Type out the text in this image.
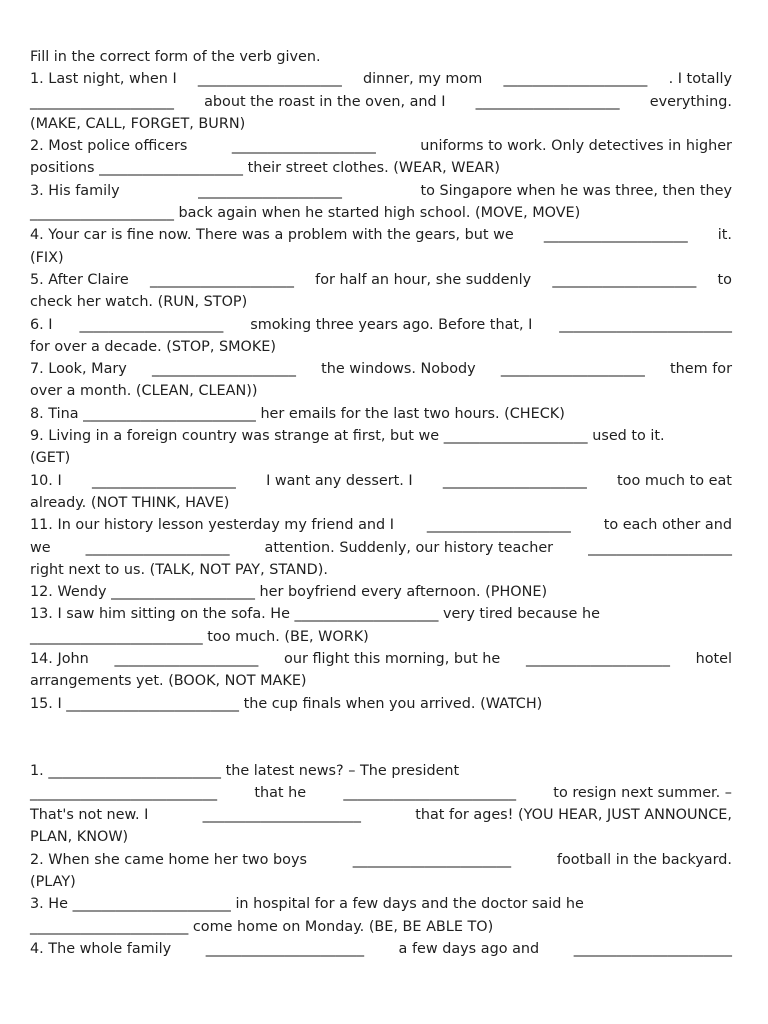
Fill in the correct form of the verb given.
1. Last night, when I ____________________ dinner, my mom ____________________ . I totally
____________________ about the roast in the oven, and I ____________________ everything.
(MAKE, CALL, FORGET, BURN)
2. Most police officers	____________________	uniforms to work. Only detectives in higher
positions ____________________ their street clothes. (WEAR, WEAR)
3. His family	____________________	to Singapore when he was three, then they
____________________ back again when he started high school. (MOVE, MOVE)
4. Your car is fine now. There was a problem with the gears, but we ____________________ it.
(FIX)
5. After Claire ____________________ for half an hour, she suddenly ____________________ to
check her watch. (RUN, STOP)
6. I ____________________ smoking three years ago. Before that, I ________________________
for over a decade. (STOP, SMOKE)
7. Look, Mary ____________________ the windows. Nobody ____________________ them for
over a month. (CLEAN, CLEAN))
8. Tina ________________________ her emails for the last two hours. (CHECK)
9. Living in a foreign country was strange at first, but we ____________________ used to it.
(GET)
10. I ____________________ I want any dessert. I ____________________ too much to eat
already. (NOT THINK, HAVE)
11. In our history lesson yesterday my friend and I ____________________ to each other and
we ____________________ attention. Suddenly, our history teacher ____________________
right next to us. (TALK, NOT PAY, STAND).
12. Wendy ____________________ her boyfriend every afternoon. (PHONE)
13. I saw him sitting on the sofa. He ____________________ very tired because he
________________________ too much. (BE, WORK)
14. John ____________________ our flight this morning, but he ____________________ hotel
arrangements yet. (BOOK, NOT MAKE)
15. I ________________________ the cup finals when you arrived. (WATCH)
1. ________________________ the latest news? – The president
__________________________	that he	________________________	to resign next summer. –
That's not new. I	______________________	that for ages! (YOU HEAR, JUST ANNOUNCE,
PLAN, KNOW)
2. When she came home her two boys	______________________	football in the backyard.
(PLAY)
3. He ______________________ in hospital for a few days and the doctor said he
______________________ come home on Monday. (BE, BE ABLE TO)
4. The whole family ______________________ a few days ago and ______________________
